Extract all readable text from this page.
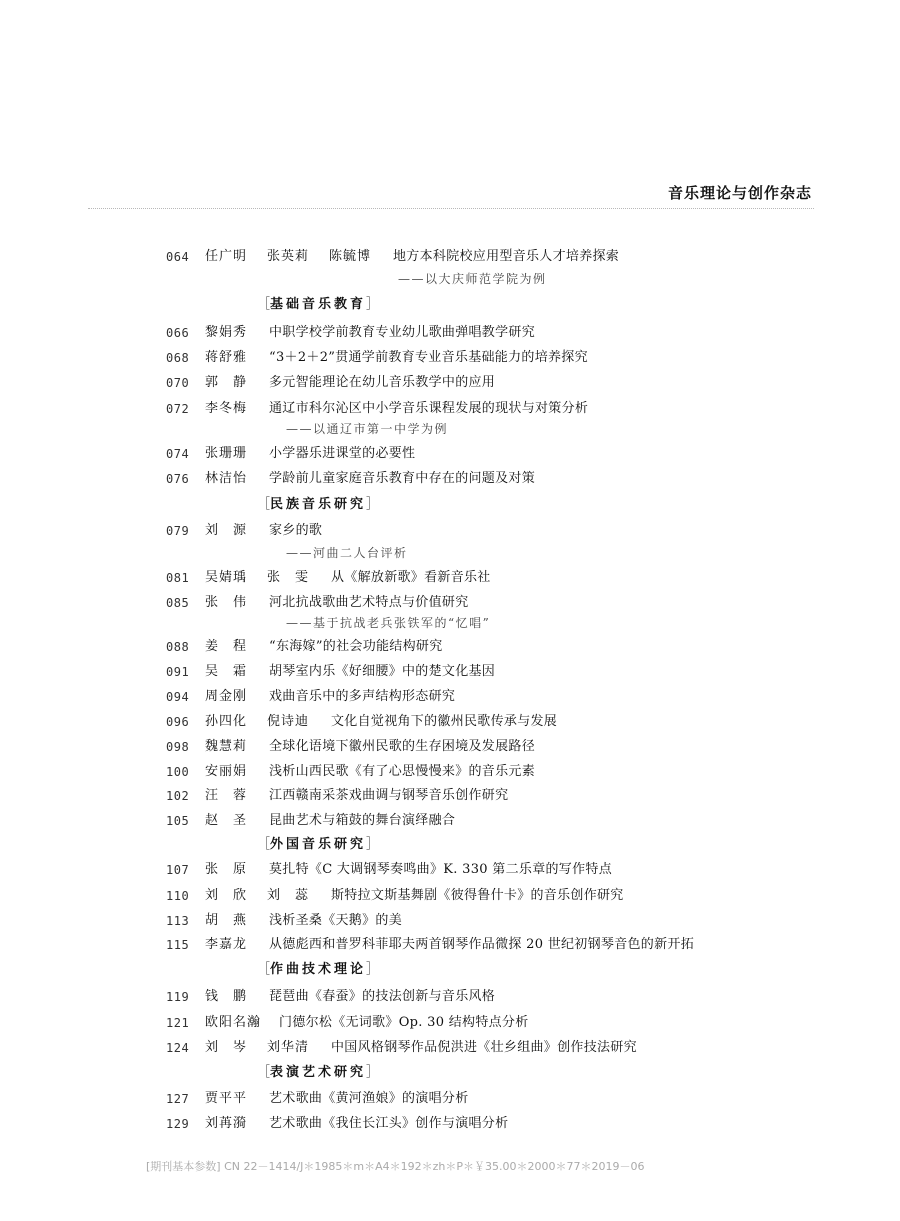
音乐理论与创作杂志
064 任广明 张英莉 陈毓博 地方本科院校应用型音乐人才培养探索
——以大庆师范学院为例
［基础音乐教育］
066 黎娟秀 中职学校学前教育专业幼儿歌曲弹唱教学研究
068 蒋舒雅 “3＋2＋2”贯通学前教育专业音乐基础能力的培养探究
070 郭　静 多元智能理论在幼儿音乐教学中的应用
072 李冬梅 通辽市科尔沁区中小学音乐课程发展的现状与对策分析
——以通辽市第一中学为例
074 张珊珊 小学器乐进课堂的必要性
076 林洁怡 学龄前儿童家庭音乐教育中存在的问题及对策
［民族音乐研究］
079 刘　源 家乡的歌
——河曲二人台评析
081 吴婧瑀 张　雯 从《解放新歌》看新音乐社
085 张　伟 河北抗战歌曲艺术特点与价值研究
——基于抗战老兵张铁军的“忆唱”
088 姜　程 “东海嫁”的社会功能结构研究
091 吴　霜 胡琴室内乐《好细腰》中的楚文化基因
094 周金刚 戏曲音乐中的多声结构形态研究
096 孙四化 倪诗迪 文化自觉视角下的徽州民歌传承与发展
098 魏慧莉 全球化语境下徽州民歌的生存困境及发展路径
100 安丽娟 浅析山西民歌《有了心思慢慢来》的音乐元素
102 汪　蓉 江西赣南采茶戏曲调与钢琴音乐创作研究
105 赵　圣 昆曲艺术与箱鼓的舞台演绎融合
［外国音乐研究］
107 张　原 莫扎特《C 大调钢琴奏鸣曲》K. 330 第二乐章的写作特点
110 刘　欣 刘　蕊 斯特拉文斯基舞剧《彼得鲁什卡》的音乐创作研究
113 胡　燕 浅析圣桑《天鹅》的美
115 李嘉龙 从德彪西和普罗科菲耶夫两首钢琴作品微探 20 世纪初钢琴音色的新开拓
［作曲技术理论］
119 钱　鹏 琵琶曲《春蚕》的技法创新与音乐风格
121 欧阳名瀚 门德尔松《无词歌》Op. 30 结构特点分析
124 刘　岑 刘华清 中国风格钢琴作品倪洪进《壮乡组曲》创作技法研究
［表演艺术研究］
127 贾平平 艺术歌曲《黄河渔娘》的演唱分析
129 刘苒漪 艺术歌曲《我住长江头》创作与演唱分析
[期刊基本参数] CN 22－1414/J＊1985＊m＊A4＊192＊zh＊P＊￥35.00＊2000＊77＊2019－06
